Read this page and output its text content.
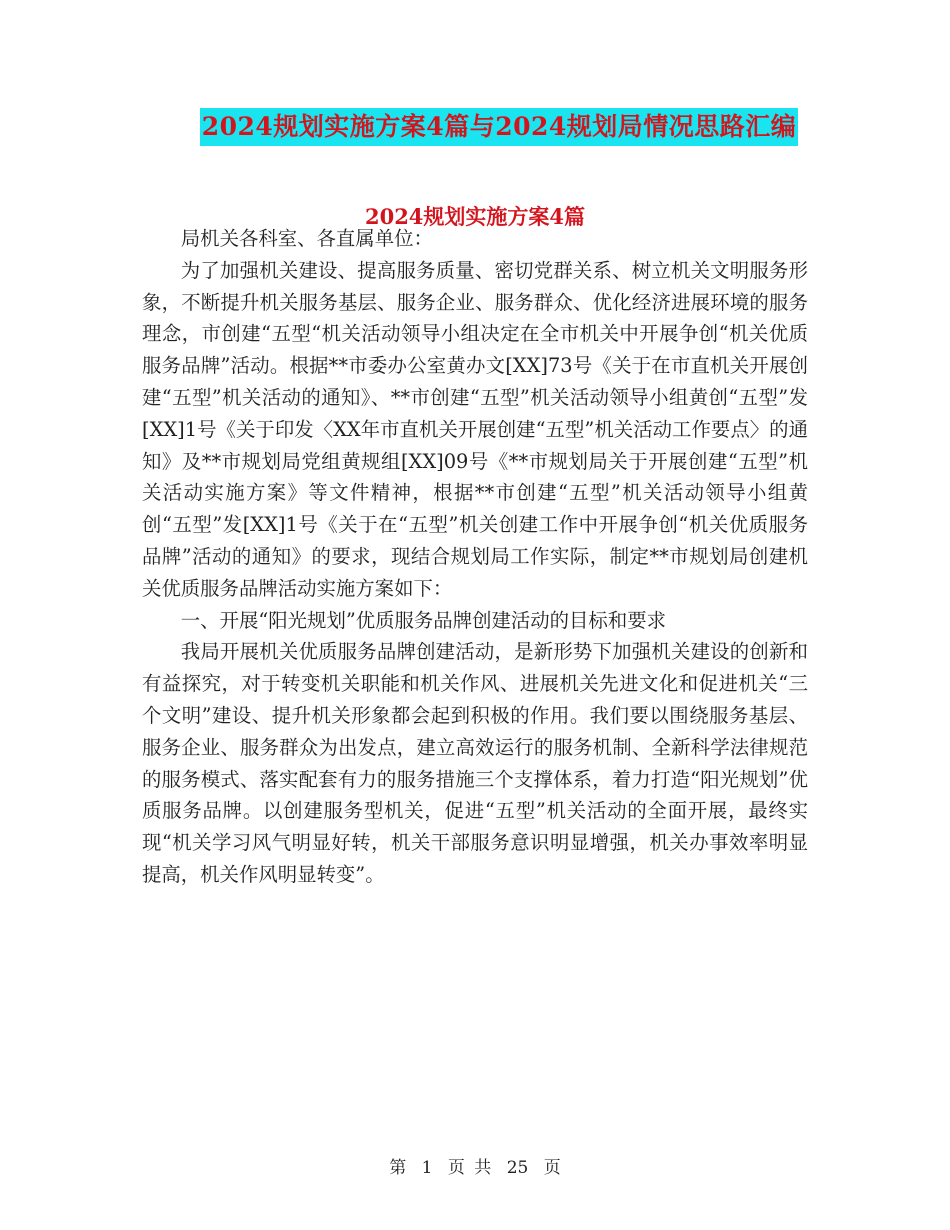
2024规划实施方案4篇与2024规划局情况思路汇编
2024规划实施方案4篇

局机关各科室、各直属单位：

为了加强机关建设、提高服务质量、密切党群关系、树立机关文明服务形象，不断提升机关服务基层、服务企业、服务群众、优化经济进展环境的服务理念，市创建“五型“机关活动领导小组决定在全市机关中开展争创“机关优质服务品牌”活动。根据**市委办公室黄办文[XX]73号《关于在市直机关开展创建“五型”机关活动的通知》、**市创建“五型”机关活动领导小组黄创“五型”发[XX]1号《关于印发〈XX年市直机关开展创建“五型”机关活动工作要点〉的通知》及**市规划局党组黄规组[XX]09号《**市规划局关于开展创建“五型”机关活动实施方案》等文件精神，根据**市创建“五型”机关活动领导小组黄创“五型”发[XX]1号《关于在“五型”机关创建工作中开展争创“机关优质服务品牌”活动的通知》的要求，现结合规划局工作实际，制定**市规划局创建机关优质服务品牌活动实施方案如下：

一、开展“阳光规划”优质服务品牌创建活动的目标和要求

我局开展机关优质服务品牌创建活动，是新形势下加强机关建设的创新和有益探究，对于转变机关职能和机关作风、进展机关先进文化和促进机关“三个文明”建设、提升机关形象都会起到积极的作用。我们要以围绕服务基层、服务企业、服务群众为出发点，建立高效运行的服务机制、全新科学法律规范的服务模式、落实配套有力的服务措施三个支撑体系，着力打造“阳光规划”优质服务品牌。以创建服务型机关，促进“五型”机关活动的全面开展，最终实现“机关学习风气明显好转，机关干部服务意识明显增强，机关办事效率明显提高，机关作风明显转变”。

第 1 页 共 25 页
